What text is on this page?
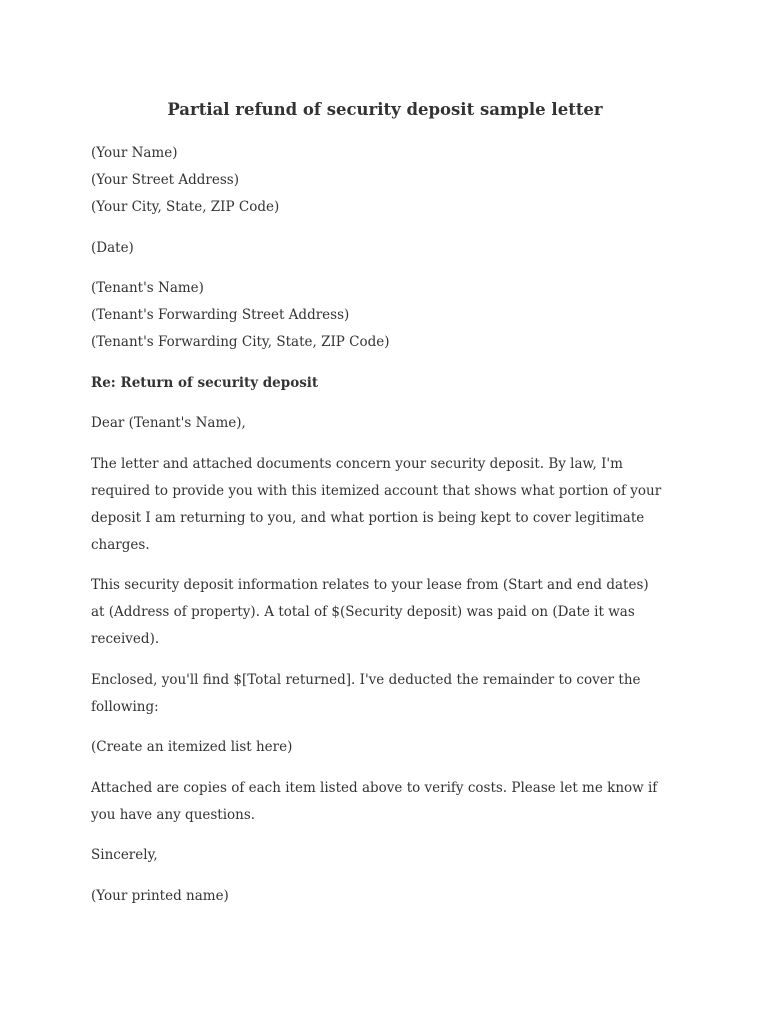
Partial refund of security deposit sample letter
(Your Name)
(Your Street Address)
(Your City, State, ZIP Code)
(Date)
(Tenant's Name)
(Tenant's Forwarding Street Address)
(Tenant's Forwarding City, State, ZIP Code)
Re: Return of security deposit
Dear (Tenant's Name),
The letter and attached documents concern your security deposit. By law, I'm
required to provide you with this itemized account that shows what portion of your
deposit I am returning to you, and what portion is being kept to cover legitimate
charges.
This security deposit information relates to your lease from (Start and end dates)
at (Address of property). A total of $(Security deposit) was paid on (Date it was
received).
Enclosed, you'll find $[Total returned]. I've deducted the remainder to cover the
following:
(Create an itemized list here)
Attached are copies of each item listed above to verify costs. Please let me know if
you have any questions.
Sincerely,
(Your printed name)
